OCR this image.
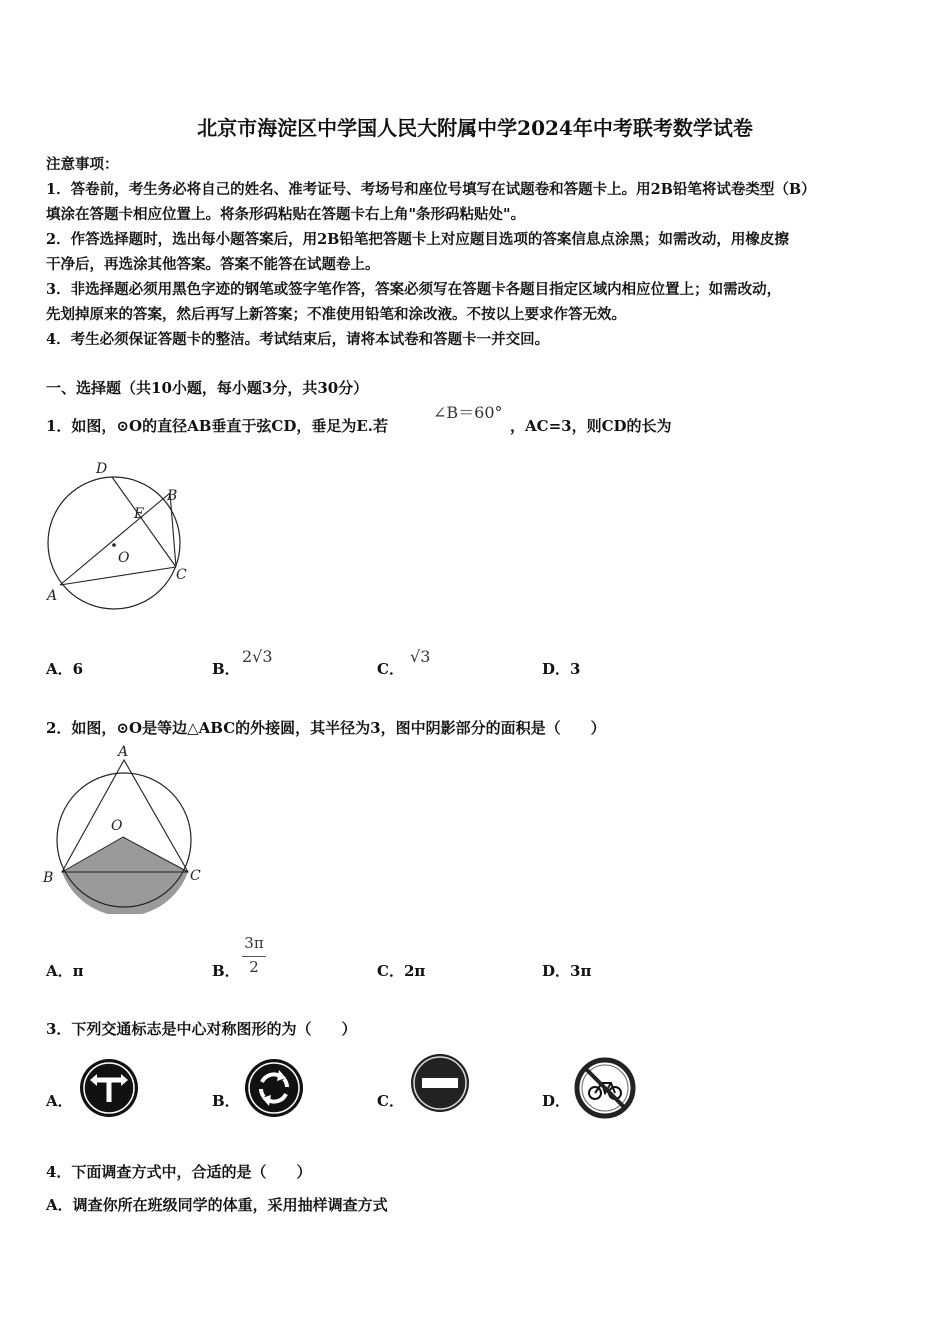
北京市海淀区中学国人民大附属中学2024年中考联考数学试卷
注意事项：
1．答卷前，考生务必将自己的姓名、准考证号、考场号和座位号填写在试题卷和答题卡上。用2B铅笔将试卷类型（B）
填涂在答题卡相应位置上。将条形码粘贴在答题卡右上角"条形码粘贴处"。
2．作答选择题时，选出每小题答案后，用2B铅笔把答题卡上对应题目选项的答案信息点涂黑；如需改动，用橡皮擦
干净后，再选涂其他答案。答案不能答在试题卷上。
3．非选择题必须用黑色字迹的钢笔或签字笔作答，答案必须写在答题卡各题目指定区域内相应位置上；如需改动，
先划掉原来的答案，然后再写上新答案；不准使用铅笔和涂改液。不按以上要求作答无效。
4．考生必须保证答题卡的整洁。考试结束后，请将本试卷和答题卡一并交回。
一、选择题（共10小题，每小题3分，共30分）
1．如图，⊙O的直径AB垂直于弦CD，垂足为E.若
∠B＝60°
，AC=3，则CD的长为
D
B
E
O
C
A
A．6	B．
2√3
C．
√3
D．3
2．如图，⊙O是等边△ABC的外接圆，其半径为3，图中阴影部分的面积是（　　）
A
O
B	C
A．π	B．
3π
2	C．2π	D．3π
3．下列交通标志是中心对称图形的为（　　）
A．	B．	C．	D．
4．下面调查方式中，合适的是（　　）
A．调查你所在班级同学的体重，采用抽样调查方式
